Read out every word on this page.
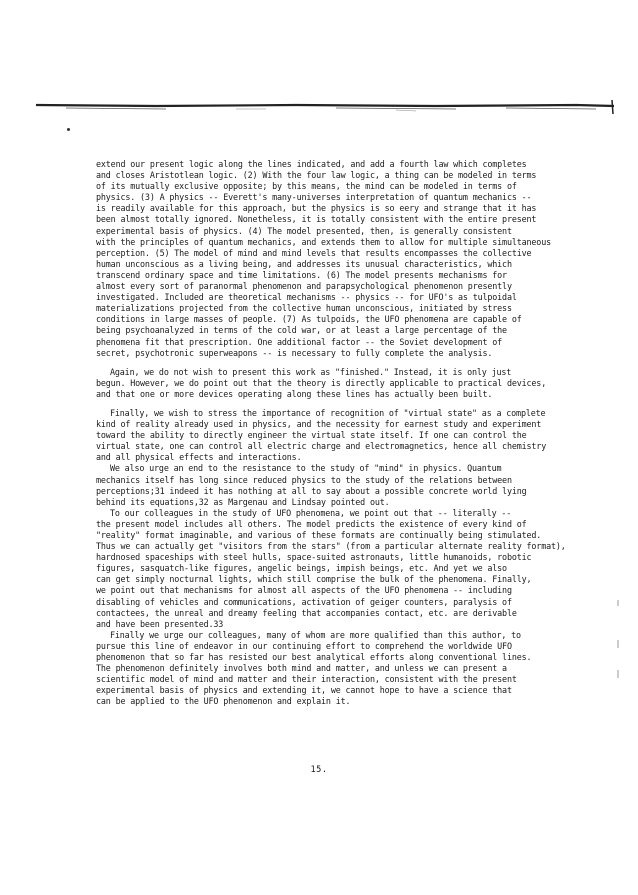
extend our present logic along the lines indicated, and add a fourth law which completes
and closes Aristotlean logic. (2) With the four law logic, a thing can be modeled in terms
of its mutually exclusive opposite; by this means, the mind can be modeled in terms of
physics. (3) A physics -- Everett's many-universes interpretation of quantum mechanics --
is readily available for this approach, but the physics is so eery and strange that it has
been almost totally ignored. Nonetheless, it is totally consistent with the entire present
experimental basis of physics. (4) The model presented, then, is generally consistent
with the principles of quantum mechanics, and extends them to allow for multiple simultaneous
perception. (5) The model of mind and mind levels that results encompasses the collective
human unconscious as a living being, and addresses its unusual characteristics, which
transcend ordinary space and time limitations. (6) The model presents mechanisms for
almost every sort of paranormal phenomenon and parapsychological phenomenon presently
investigated. Included are theoretical mechanisms -- physics -- for UFO's as tulpoidal
materializations projected from the collective human unconscious, initiated by stress
conditions in large masses of people. (7) As tulpoids, the UFO phenomena are capable of
being psychoanalyzed in terms of the cold war, or at least a large percentage of the
phenomena fit that prescription. One additional factor -- the Soviet development of
secret, psychotronic superweapons -- is necessary to fully complete the analysis.

Again, we do not wish to present this work as "finished." Instead, it is only just
begun. However, we do point out that the theory is directly applicable to practical devices,
and that one or more devices operating along these lines has actually been built.

Finally, we wish to stress the importance of recognition of "virtual state" as a complete
kind of reality already used in physics, and the necessity for earnest study and experiment
toward the ability to directly engineer the virtual state itself. If one can control the
virtual state, one can control all electric charge and electromagnetics, hence all chemistry
and all physical effects and interactions.

We also urge an end to the resistance to the study of "mind" in physics. Quantum
mechanics itself has long since reduced physics to the study of the relations between
perceptions;31 indeed it has nothing at all to say about a possible concrete world lying
behind its equations,32 as Margenau and Lindsay pointed out.

To our colleagues in the study of UFO phenomena, we point out that -- literally --
the present model includes all others. The model predicts the existence of every kind of
"reality" format imaginable, and various of these formats are continually being stimulated.
Thus we can actually get "visitors from the stars" (from a particular alternate reality format),
hardnosed spaceships with steel hulls, space-suited astronauts, little humanoids, robotic
figures, sasquatch-like figures, angelic beings, impish beings, etc. And yet we also
can get simply nocturnal lights, which still comprise the bulk of the phenomena. Finally,
we point out that mechanisms for almost all aspects of the UFO phenomena -- including
disabling of vehicles and communications, activation of geiger counters, paralysis of
contactees, the unreal and dreamy feeling that accompanies contact, etc. are derivable
and have been presented.33

Finally we urge our colleagues, many of whom are more qualified than this author, to
pursue this line of endeavor in our continuing effort to comprehend the worldwide UFO
phenomenon that so far has resisted our best analytical efforts along conventional lines.
The phenomenon definitely involves both mind and matter, and unless we can present a
scientific model of mind and matter and their interaction, consistent with the present
experimental basis of physics and extending it, we cannot hope to have a science that
can be applied to the UFO phenomenon and explain it.

15.
